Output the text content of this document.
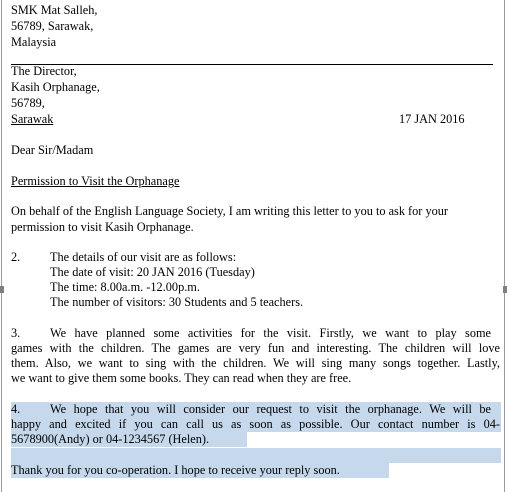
SMK Mat Salleh,
56789, Sarawak,
Malaysia
The Director,
Kasih Orphanage,
56789,
Sarawak	17 JAN 2016
Dear Sir/Madam
Permission to Visit the Orphanage
On behalf of the English Language Society, I am writing this letter to you to ask for your
permission to visit Kasih Orphanage.
2. The details of our visit are as follows:
The date of visit: 20 JAN 2016 (Tuesday)
The time: 8.00a.m. -12.00p.m.
The number of visitors: 30 Students and 5 teachers.
3. We have planned some activities for the visit. Firstly, we want to play some
games with the children. The games are very fun and interesting. The children will love
them. Also, we want to sing with the children. We will sing many songs together. Lastly,
we want to give them some books. They can read when they are free.
4. We hope that you will consider our request to visit the orphanage. We will be
happy and excited if you can call us as soon as possible. Our contact number is 04-
5678900(Andy) or 04-1234567 (Helen).
Thank you for you co-operation. I hope to receive your reply soon.
